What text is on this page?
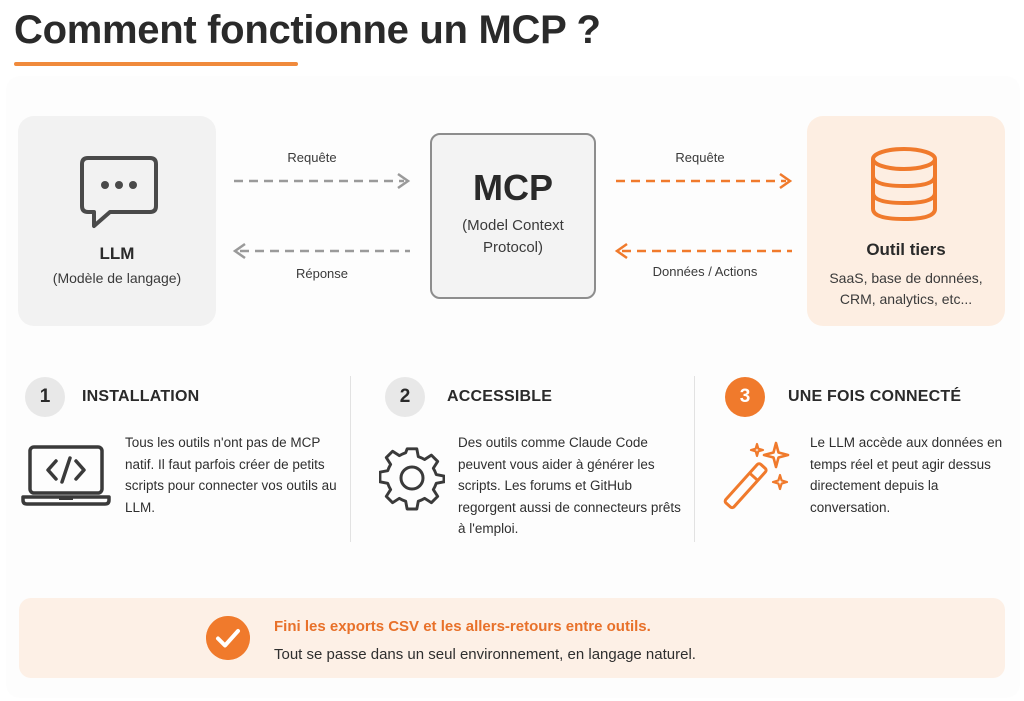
Comment fonctionne un MCP ?
LLM
(Modèle de langage)
MCP
(Model Context Protocol)	Outil tiers
SaaS, base de données, CRM, analytics, etc...
Requête
Réponse
Requête
Données / Actions
1	INSTALLATION
Tous les outils n'ont pas de MCP natif. Il faut parfois créer de petits scripts pour connecter vos outils au LLM.
2	ACCESSIBLE
Des outils comme Claude Code peuvent vous aider à générer les scripts. Les forums et GitHub regorgent aussi de connecteurs prêts à l'emploi.
3	UNE FOIS CONNECTÉ
Le LLM accède aux données en temps réel et peut agir dessus directement depuis la conversation.
Fini les exports CSV et les allers-retours entre outils.
Tout se passe dans un seul environnement, en langage naturel.
